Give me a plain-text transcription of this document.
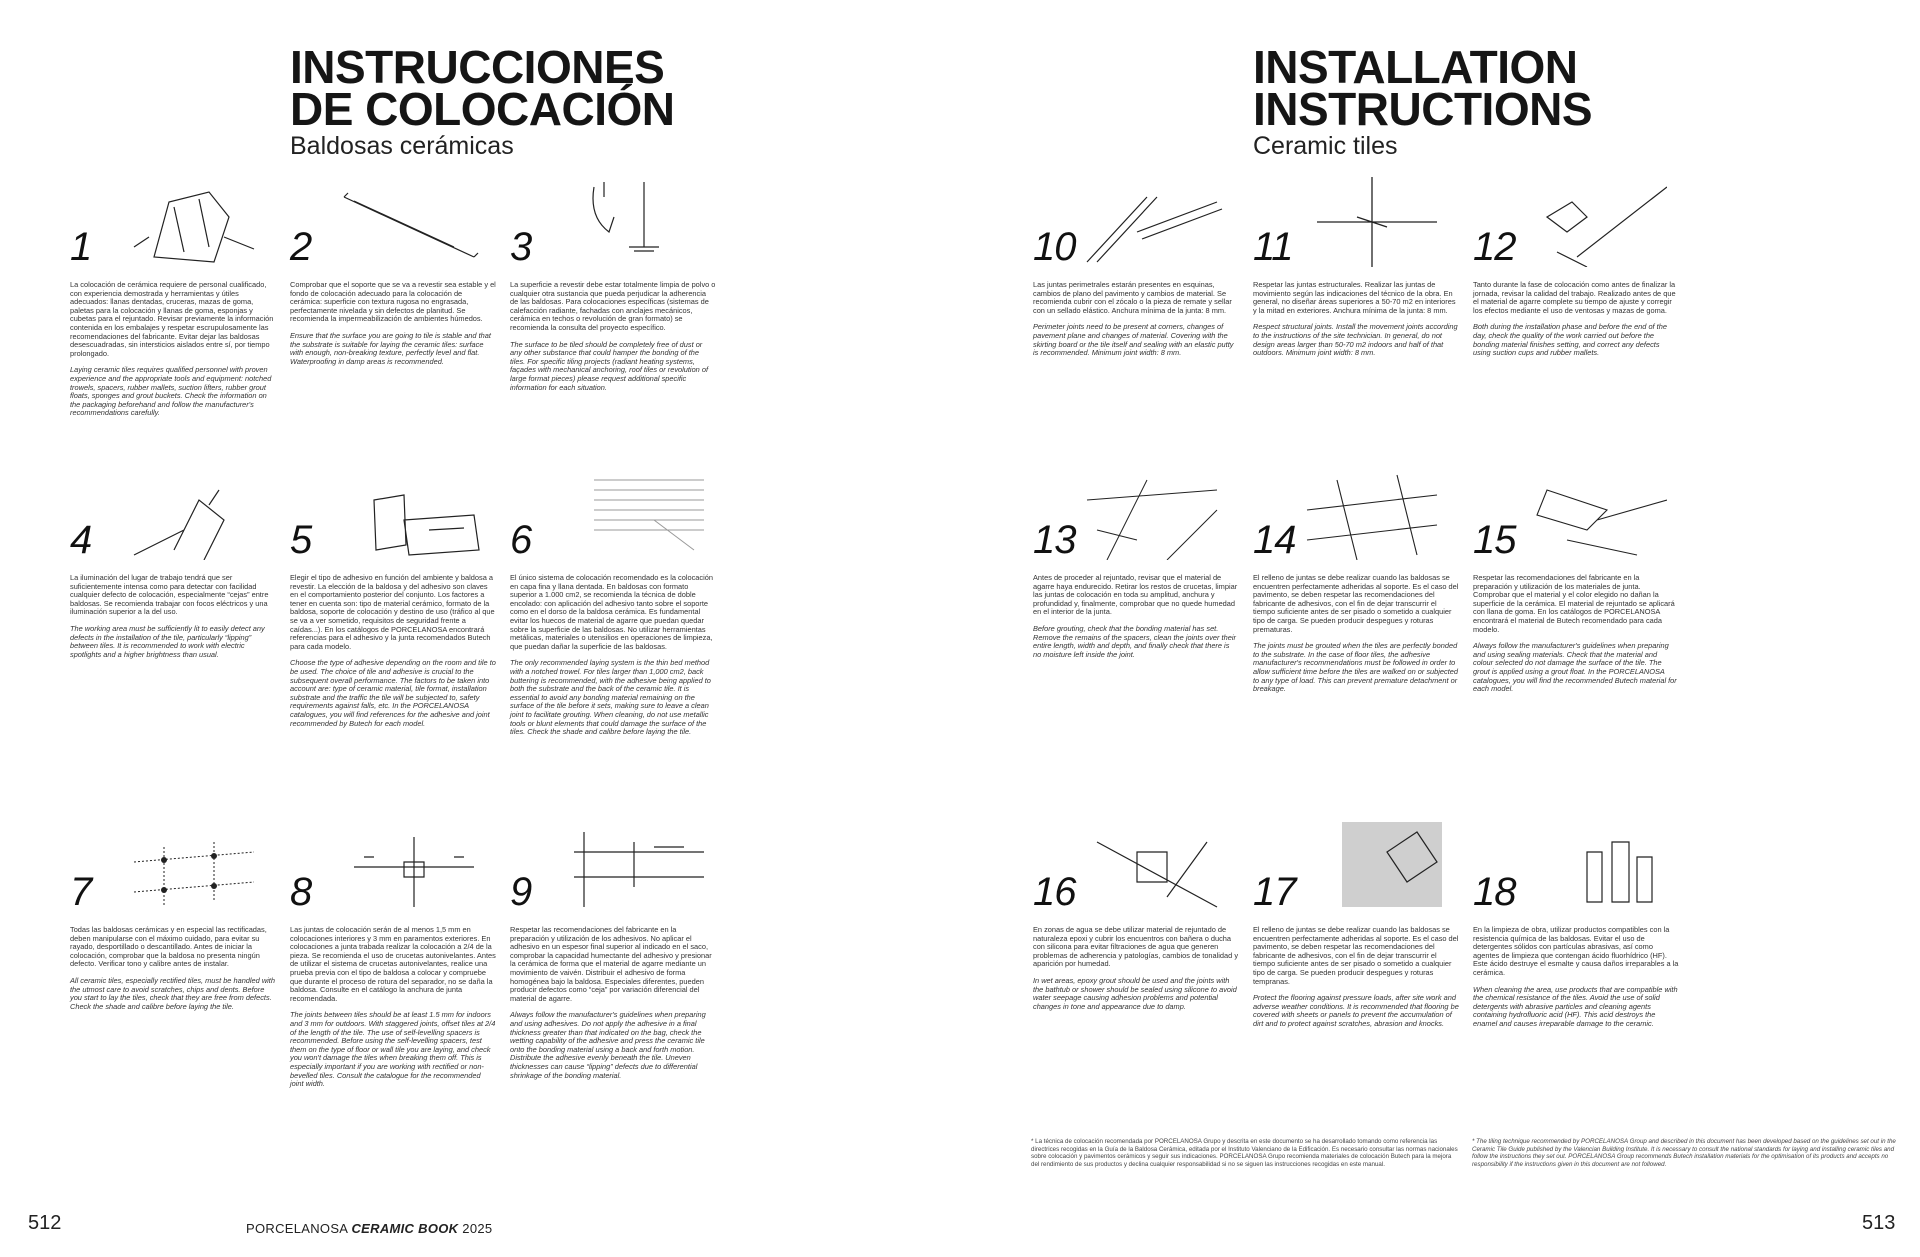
INSTRUCCIONES DE COLOCACIÓN
Baldosas cerámicas
INSTALLATION INSTRUCTIONS
Ceramic tiles
1

La colocación de cerámica requiere de personal cualificado, con experiencia demostrada y herramientas y útiles adecuados: llanas dentadas, cruceras, mazas de goma, paletas para la colocación y llanas de goma, esponjas y cubetas para el rejuntado. Revisar previamente la información contenida en los embalajes y respetar escrupulosamente las recomendaciones del fabricante. Evitar dejar las baldosas desescuadradas, sin intersticios aislados entre sí, por tiempo prolongado.

Laying ceramic tiles requires qualified personnel with proven experience and the appropriate tools and equipment: notched trowels, spacers, rubber mallets, suction lifters, rubber grout floats, sponges and grout buckets. Check the information on the packaging beforehand and follow the manufacturer's recommendations carefully.

2

Comprobar que el soporte que se va a revestir sea estable y el fondo de colocación adecuado para la colocación de cerámica: superficie con textura rugosa no engrasada, perfectamente nivelada y sin defectos de planitud. Se recomienda la impermeabilización de ambientes húmedos.

Ensure that the surface you are going to tile is stable and that the substrate is suitable for laying the ceramic tiles: surface with enough, non-breaking texture, perfectly level and flat. Waterproofing in damp areas is recommended.

3

La superficie a revestir debe estar totalmente limpia de polvo o cualquier otra sustancia que pueda perjudicar la adherencia de las baldosas. Para colocaciones específicas (sistemas de calefacción radiante, fachadas con anclajes mecánicos, cerámica en techos o revolución de gran formato) se recomienda la consulta del proyecto específico.

The surface to be tiled should be completely free of dust or any other substance that could hamper the bonding of the tiles. For specific tiling projects (radiant heating systems, façades with mechanical anchoring, roof tiles or revolution of large format pieces) please request additional specific information for each situation.

4

La iluminación del lugar de trabajo tendrá que ser suficientemente intensa como para detectar con facilidad cualquier defecto de colocación, especialmente “cejas” entre baldosas. Se recomienda trabajar con focos eléctricos y una iluminación superior a la del uso.

The working area must be sufficiently lit to easily detect any defects in the installation of the tile, particularly “lipping” between tiles. It is recommended to work with electric spotlights and a higher brightness than usual.

5

Elegir el tipo de adhesivo en función del ambiente y baldosa a revestir. La elección de la baldosa y del adhesivo son claves en el comportamiento posterior del conjunto. Los factores a tener en cuenta son: tipo de material cerámico, formato de la baldosa, soporte de colocación y destino de uso (tráfico al que se va a ver sometido, requisitos de seguridad frente a caídas...). En los catálogos de PORCELANOSA encontrará referencias para el adhesivo y la junta recomendados Butech para cada modelo.

Choose the type of adhesive depending on the room and tile to be used. The choice of tile and adhesive is crucial to the subsequent overall performance. The factors to be taken into account are: type of ceramic material, tile format, installation substrate and the traffic the tile will be subjected to, safety requirements against falls, etc. In the PORCELANOSA catalogues, you will find references for the adhesive and joint recommended by Butech for each model.

6

El único sistema de colocación recomendado es la colocación en capa fina y llana dentada. En baldosas con formato superior a 1.000 cm2, se recomienda la técnica de doble encolado: con aplicación del adhesivo tanto sobre el soporte como en el dorso de la baldosa cerámica. Es fundamental evitar los huecos de material de agarre que puedan quedar sobre la superficie de las baldosas. No utilizar herramientas metálicas, materiales o utensilios en operaciones de limpieza, que puedan dañar la superficie de las baldosas.

The only recommended laying system is the thin bed method with a notched trowel. For tiles larger than 1,000 cm2, back buttering is recommended, with the adhesive being applied to both the substrate and the back of the ceramic tile. It is essential to avoid any bonding material remaining on the surface of the tile before it sets, making sure to leave a clean joint to facilitate grouting. When cleaning, do not use metallic tools or blunt elements that could damage the surface of the tiles. Check the shade and calibre before laying the tile.

7

Todas las baldosas cerámicas y en especial las rectificadas, deben manipularse con el máximo cuidado, para evitar su rayado, desportillado o descantillado. Antes de iniciar la colocación, comprobar que la baldosa no presenta ningún defecto. Verificar tono y calibre antes de instalar.

All ceramic tiles, especially rectified tiles, must be handled with the utmost care to avoid scratches, chips and dents. Before you start to lay the tiles, check that they are free from defects. Check the shade and calibre before laying the tile.

8

Las juntas de colocación serán de al menos 1,5 mm en colocaciones interiores y 3 mm en paramentos exteriores. En colocaciones a junta trabada realizar la colocación a 2/4 de la pieza. Se recomienda el uso de crucetas autonivelantes. Antes de utilizar el sistema de crucetas autonivelantes, realice una prueba previa con el tipo de baldosa a colocar y compruebe que durante el proceso de rotura del separador, no se daña la baldosa. Consulte en el catálogo la anchura de junta recomendada.

The joints between tiles should be at least 1.5 mm for indoors and 3 mm for outdoors. With staggered joints, offset tiles at 2/4 of the length of the tile. The use of self-levelling spacers is recommended. Before using the self-levelling spacers, test them on the type of floor or wall tile you are laying, and check you won't damage the tiles when breaking them off. This is especially important if you are working with rectified or non-bevelled tiles. Consult the catalogue for the recommended joint width.

9

Respetar las recomendaciones del fabricante en la preparación y utilización de los adhesivos. No aplicar el adhesivo en un espesor final superior al indicado en el saco, comprobar la capacidad humectante del adhesivo y presionar la cerámica de forma que el material de agarre mediante un movimiento de vaivén. Distribuir el adhesivo de forma homogénea bajo la baldosa. Especiales diferentes, pueden producir defectos como “ceja” por variación diferencial del material de agarre.

Always follow the manufacturer's guidelines when preparing and using adhesives. Do not apply the adhesive in a final thickness greater than that indicated on the bag, check the wetting capability of the adhesive and press the ceramic tile onto the bonding material using a back and forth motion. Distribute the adhesive evenly beneath the tile. Uneven thicknesses can cause “lipping” defects due to differential shrinkage of the bonding material.

10

Las juntas perimetrales estarán presentes en esquinas, cambios de plano del pavimento y cambios de material. Se recomienda cubrir con el zócalo o la pieza de remate y sellar con un sellado elástico. Anchura mínima de la junta: 8 mm.

Perimeter joints need to be present at corners, changes of pavement plane and changes of material. Covering with the skirting board or the tile itself and sealing with an elastic putty is recommended. Minimum joint width: 8 mm.

11

Respetar las juntas estructurales. Realizar las juntas de movimiento según las indicaciones del técnico de la obra. En general, no diseñar áreas superiores a 50-70 m2 en interiores y la mitad en exteriores. Anchura mínima de la junta: 8 mm.

Respect structural joints. Install the movement joints according to the instructions of the site technician. In general, do not design areas larger than 50-70 m2 indoors and half of that outdoors. Minimum joint width: 8 mm.

12

Tanto durante la fase de colocación como antes de finalizar la jornada, revisar la calidad del trabajo. Realizado antes de que el material de agarre complete su tiempo de ajuste y corregir los efectos mediante el uso de ventosas y mazas de goma.

Both during the installation phase and before the end of the day, check the quality of the work carried out before the bonding material finishes setting, and correct any defects using suction cups and rubber mallets.

13

Antes de proceder al rejuntado, revisar que el material de agarre haya endurecido. Retirar los restos de crucetas, limpiar las juntas de colocación en toda su amplitud, anchura y profundidad y, finalmente, comprobar que no quede humedad en el interior de la junta.

Before grouting, check that the bonding material has set. Remove the remains of the spacers, clean the joints over their entire length, width and depth, and finally check that there is no moisture left inside the joint.

14

El relleno de juntas se debe realizar cuando las baldosas se encuentren perfectamente adheridas al soporte. Es el caso del pavimento, se deben respetar las recomendaciones del fabricante de adhesivos, con el fin de dejar transcurrir el tiempo suficiente antes de ser pisado o sometido a cualquier tipo de carga. Se pueden producir despegues y roturas prematuras.

The joints must be grouted when the tiles are perfectly bonded to the substrate. In the case of floor tiles, the adhesive manufacturer's recommendations must be followed in order to allow sufficient time before the tiles are walked on or subjected to any type of load. This can prevent premature detachment or breakage.

15

Respetar las recomendaciones del fabricante en la preparación y utilización de los materiales de junta. Comprobar que el material y el color elegido no dañan la superficie de la cerámica. El material de rejuntado se aplicará con llana de goma. En los catálogos de PORCELANOSA encontrará el material de Butech recomendado para cada modelo.

Always follow the manufacturer's guidelines when preparing and using sealing materials. Check that the material and colour selected do not damage the surface of the tile. The grout is applied using a grout float. In the PORCELANOSA catalogues, you will find the recommended Butech material for each model.

16

En zonas de agua se debe utilizar material de rejuntado de naturaleza epoxi y cubrir los encuentros con bañera o ducha con silicona para evitar filtraciones de agua que generen problemas de adherencia y patologías, cambios de tonalidad y aparición por humedad.

In wet areas, epoxy grout should be used and the joints with the bathtub or shower should be sealed using silicone to avoid water seepage causing adhesion problems and potential changes in tone and appearance due to damp.

17

El relleno de juntas se debe realizar cuando las baldosas se encuentren perfectamente adheridas al soporte. Es el caso del pavimento, se deben respetar las recomendaciones del fabricante de adhesivos, con el fin de dejar transcurrir el tiempo suficiente antes de ser pisado o sometido a cualquier tipo de carga. Se pueden producir despegues y roturas tempranas.

Protect the flooring against pressure loads, after site work and adverse weather conditions. It is recommended that flooring be covered with sheets or panels to prevent the accumulation of dirt and to protect against scratches, abrasion and knocks.

18

En la limpieza de obra, utilizar productos compatibles con la resistencia química de las baldosas. Evitar el uso de detergentes sólidos con partículas abrasivas, así como agentes de limpieza que contengan ácido fluorhídrico (HF). Este ácido destruye el esmalte y causa daños irreparables a la cerámica.

When cleaning the area, use products that are compatible with the chemical resistance of the tiles. Avoid the use of solid detergents with abrasive particles and cleaning agents containing hydrofluoric acid (HF). This acid destroys the enamel and causes irreparable damage to the ceramic.

* La técnica de colocación recomendada por PORCELANOSA Grupo y descrita en este documento se ha desarrollado tomando como referencia las directrices recogidas en la Guía de la Baldosa Cerámica, editada por el Instituto Valenciano de la Edificación. Es necesario consultar las normas nacionales sobre colocación y pavimentos cerámicos y seguir sus indicaciones. PORCELANOSA Grupo recomienda materiales de colocación Butech para la mejora del rendimiento de sus productos y declina cualquier responsabilidad si no se siguen las instrucciones recogidas en este manual.
* The tiling technique recommended by PORCELANOSA Group and described in this document has been developed based on the guidelines set out in the Ceramic Tile Guide published by the Valencian Building Institute. It is necessary to consult the national standards for laying and installing ceramic tiles and follow the instructions they set out. PORCELANOSA Group recommends Butech installation materials for the optimisation of its products and accepts no responsibility if the instructions given in this document are not followed.
512	513
PORCELANOSA CERAMIC BOOK 2025
